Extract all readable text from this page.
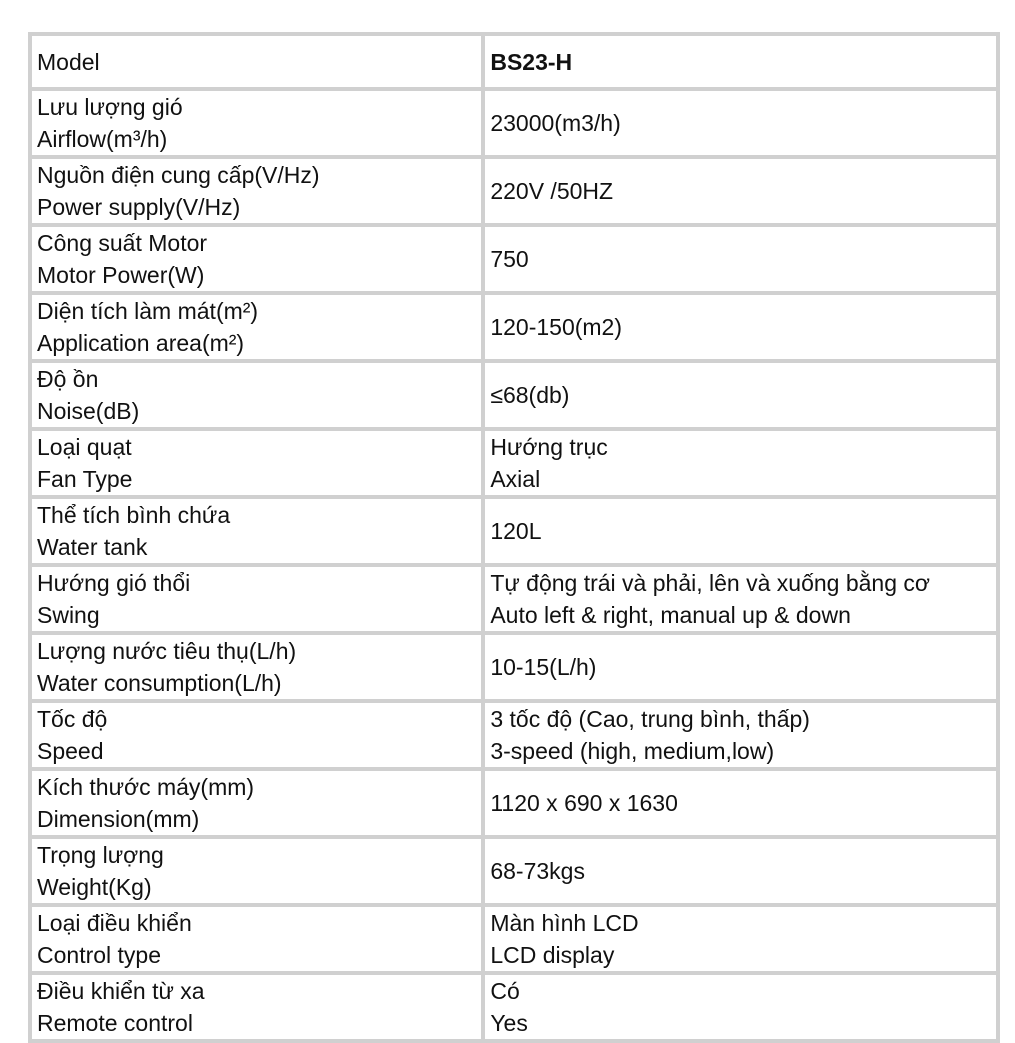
Model	BS23-H

Lưu lượng gió
Airflow(m³/h)	23000(m3/h)

Nguồn điện cung cấp(V/Hz)
Power supply(V/Hz)	220V /50HZ

Công suất Motor
Motor Power(W)	750

Diện tích làm mát(m²)
Application area(m²)	120-150(m2)

Độ ồn
Noise(dB)	≤68(db)

Loại quạt
Fan Type	Hướng trục
Axial

Thể tích bình chứa
Water tank	120L

Hướng gió thổi
Swing	Tự động trái và phải, lên và xuống bằng cơ
Auto left & right, manual up & down

Lượng nước tiêu thụ(L/h)
Water consumption(L/h)	10-15(L/h)

Tốc độ
Speed	3 tốc độ (Cao, trung bình, thấp)
3-speed (high, medium,low)

Kích thước máy(mm)
Dimension(mm)	1120 x 690 x 1630

Trọng lượng
Weight(Kg)	68-73kgs

Loại điều khiển
Control type	Màn hình LCD
LCD display

Điều khiển từ xa
Remote control	Có
Yes
